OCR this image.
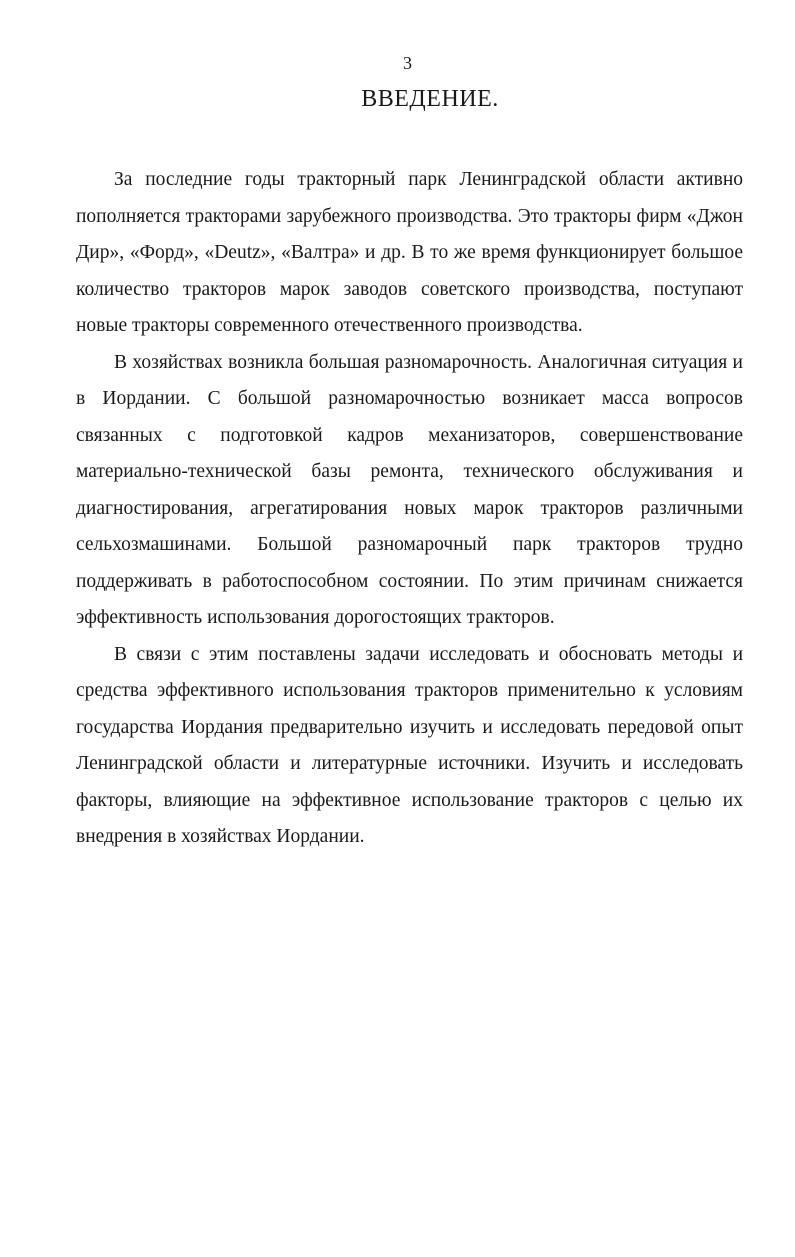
3
ВВЕДЕНИЕ.

За последние годы тракторный парк Ленинградской области активно пополняется тракторами зарубежного производства. Это тракторы фирм «Джон Дир», «Форд», «Deutz», «Валтра» и др. В то же время функционирует большое количество тракторов марок заводов советского производства, поступают новые тракторы современного отечественного производства.

В хозяйствах возникла большая разномарочность. Аналогичная ситуация и в Иордании. С большой разномарочностью возникает масса вопросов связанных с подготовкой кадров механизаторов, совершенствование материально-технической базы ремонта, технического обслуживания и диагностирования, агрегатирования новых марок тракторов различными сельхозмашинами. Большой разномарочный парк тракторов трудно поддерживать в работоспособном состоянии. По этим причинам снижается эффективность использования дорогостоящих тракторов.

В связи с этим поставлены задачи исследовать и обосновать методы и средства эффективного использования тракторов применительно к условиям государства Иордания предварительно изучить и исследовать передовой опыт Ленинградской области и литературные источники. Изучить и исследовать факторы, влияющие на эффективное использование тракторов с целью их внедрения в хозяйствах Иордании.
